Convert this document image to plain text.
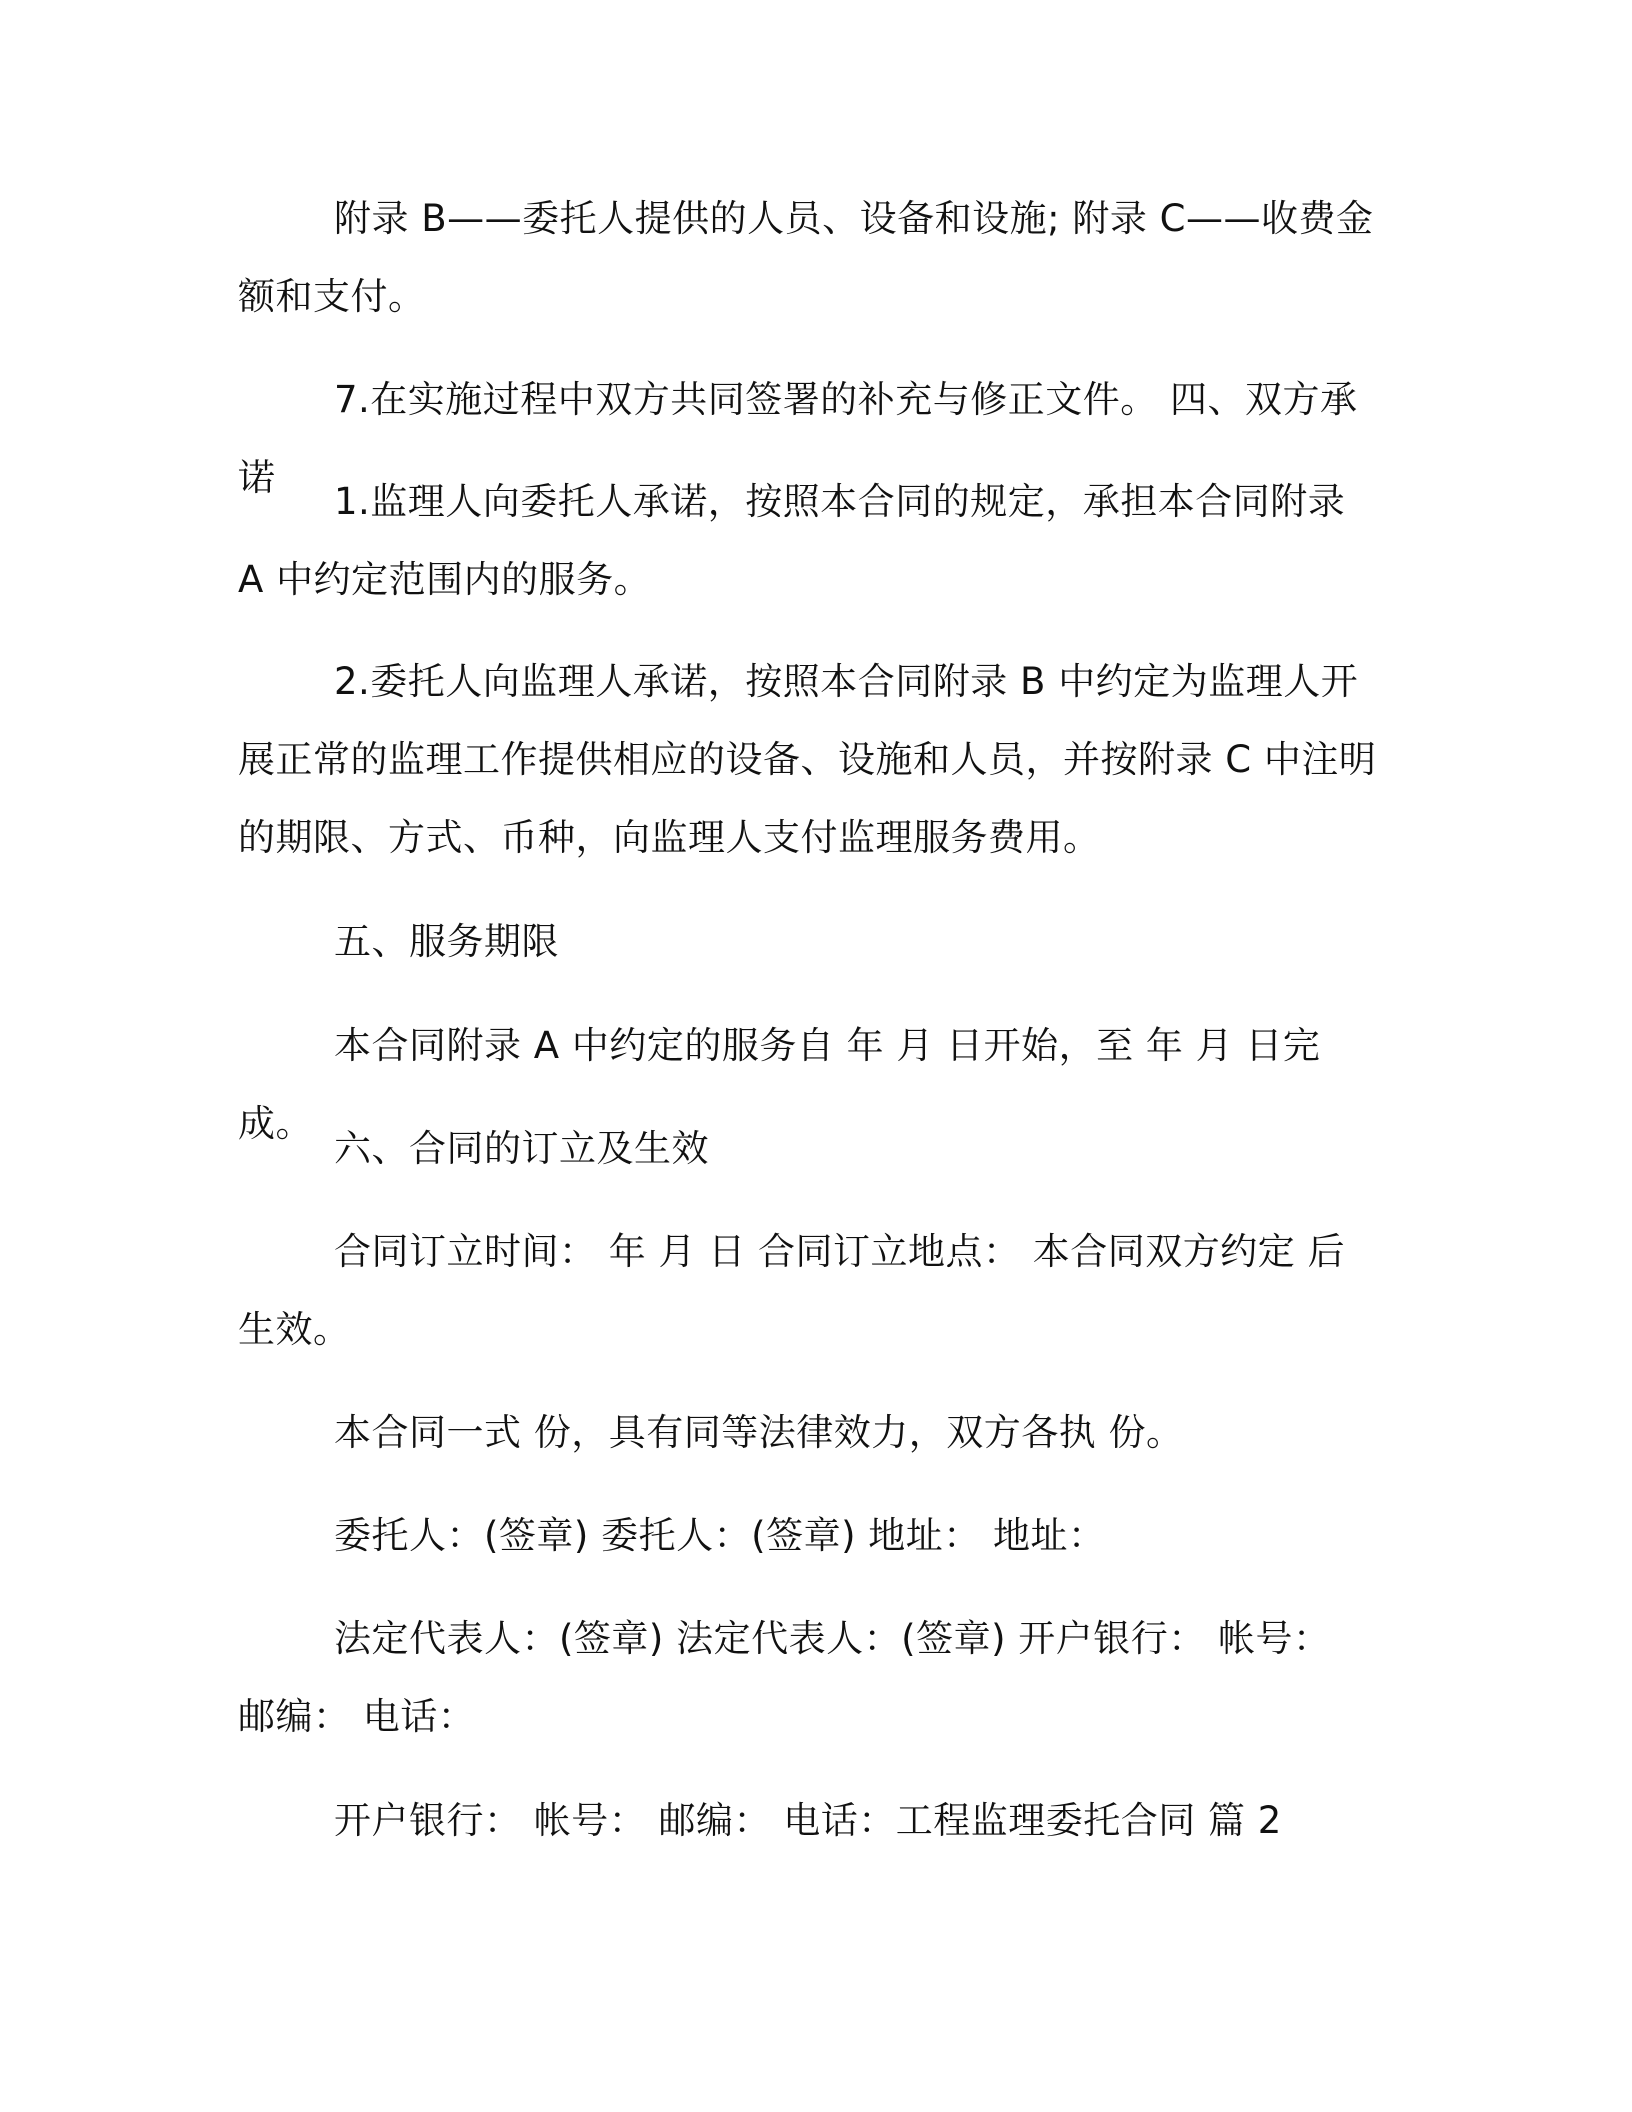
附录 B——委托人提供的人员、设备和设施; 附录 C——收费金额和支付。

7.在实施过程中双方共同签署的补充与修正文件。 四、双方承诺

1.监理人向委托人承诺，按照本合同的规定，承担本合同附录 A 中约定范围内的服务。

2.委托人向监理人承诺，按照本合同附录 B 中约定为监理人开展正常的监理工作提供相应的设备、设施和人员，并按附录 C 中注明的期限、方式、币种，向监理人支付监理服务费用。

五、服务期限

本合同附录 A 中约定的服务自 年 月 日开始，至 年 月 日完成。

六、合同的订立及生效

合同订立时间： 年 月 日 合同订立地点： 本合同双方约定 后生效。

本合同一式 份，具有同等法律效力，双方各执 份。

委托人：(签章) 委托人：(签章) 地址： 地址：

法定代表人：(签章) 法定代表人：(签章) 开户银行： 帐号： 邮编： 电话：

开户银行： 帐号： 邮编： 电话：工程监理委托合同 篇 2
